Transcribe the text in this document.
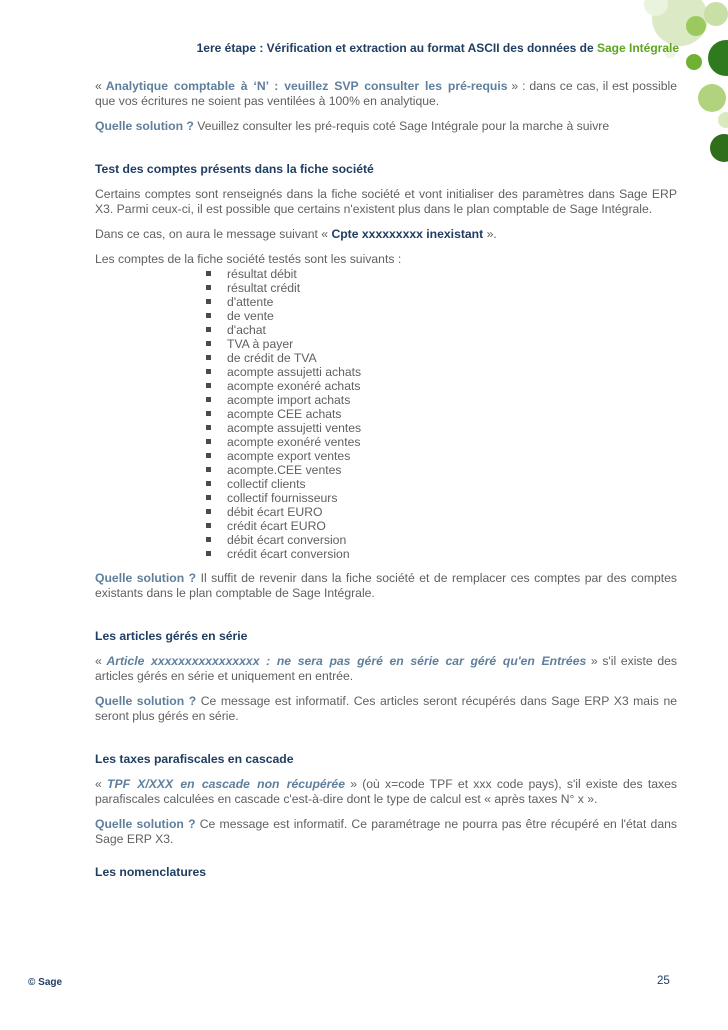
1ere étape : Vérification et extraction au format ASCII des données de Sage Intégrale

« Analytique comptable à ‘N’ : veuillez SVP consulter les pré-requis » : dans ce cas, il est possible que vos écritures ne soient pas ventilées à 100% en analytique.

Quelle solution ? Veuillez consulter les pré-requis coté Sage Intégrale pour la marche à suivre

Test des comptes présents dans la fiche société

Certains comptes sont renseignés dans la fiche société et vont initialiser des paramètres dans Sage ERP X3. Parmi ceux-ci, il est possible que certains n'existent plus dans le plan comptable de Sage Intégrale.

Dans ce cas, on aura le message suivant « Cpte xxxxxxxxx inexistant ».

Les comptes de la fiche société testés sont les suivants :

résultat débit
résultat crédit
d'attente
de vente
d'achat
TVA à payer
de crédit de TVA
acompte assujetti achats
acompte exonéré achats
acompte import achats
acompte CEE achats
acompte assujetti ventes
acompte exonéré ventes
acompte export ventes
acompte.CEE ventes
collectif clients
collectif fournisseurs
débit écart EURO
crédit écart EURO
débit écart conversion
crédit écart conversion

Quelle solution ? Il suffit de revenir dans la fiche société et de remplacer ces comptes par des comptes existants dans le plan comptable de Sage Intégrale.

Les articles gérés en série

« Article xxxxxxxxxxxxxxxx : ne sera pas géré en série car géré qu'en Entrées » s'il existe des articles gérés en série et uniquement en entrée.

Quelle solution ? Ce message est informatif. Ces articles seront récupérés dans Sage ERP X3 mais ne seront plus gérés en série.

Les taxes parafiscales en cascade

« TPF X/XXX en cascade non récupérée » (où x=code TPF et xxx code pays), s'il existe des taxes parafiscales calculées en cascade c'est-à-dire dont le type de calcul est « après taxes N° x ».

Quelle solution ? Ce message est informatif. Ce paramétrage ne pourra pas être récupéré en l'état dans Sage ERP X3.

Les nomenclatures
© Sage	25
